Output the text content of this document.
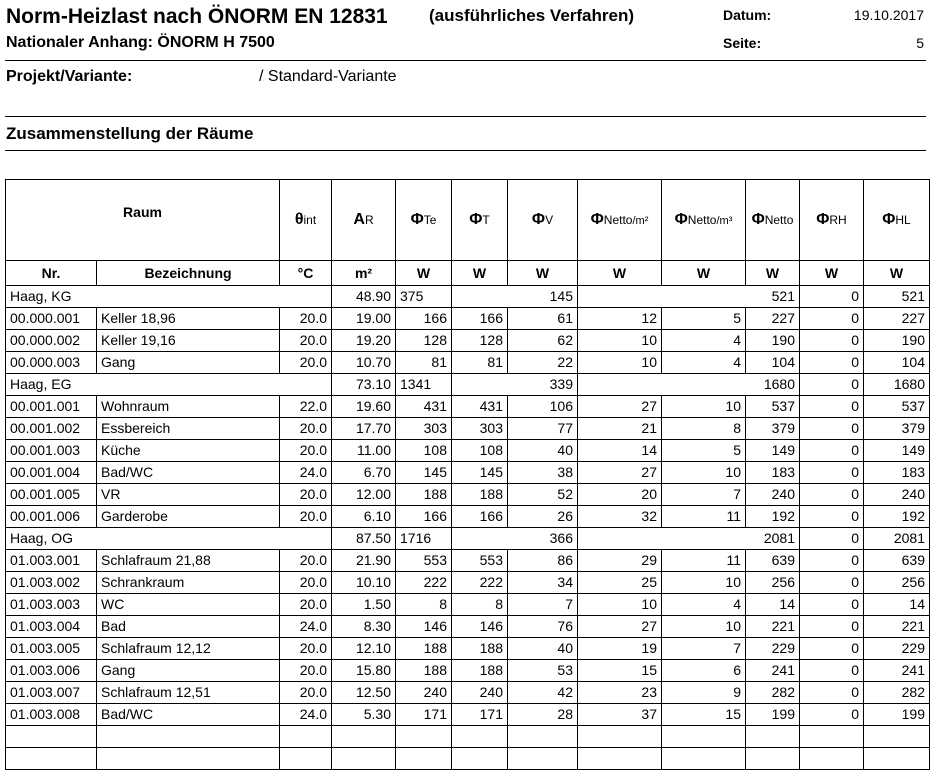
Norm-Heizlast nach ÖNORM EN 12831 (ausführliches Verfahren)
Nationaler Anhang: ÖNORM H 7500
Datum:	19.10.2017
Seite:	5
Projekt/Variante:	/ Standard-Variante
Zusammenstellung der Räume
Raum		θint	AR	ΦTe	ΦT	ΦV	ΦNetto/m²	ΦNetto/m³	ΦNetto	ΦRH	ΦHL
Nr.	Bezeichnung	°C	m²	W	W	W	W	W	W	W	W
Haag, KG			48.90	375	145		521			0	521
00.000.001	Keller 18,96	20.0	19.00	166	166	61	12	5	227	0	227
00.000.002	Keller 19,16	20.0	19.20	128	128	62	10	4	190	0	190
00.000.003	Gang	20.0	10.70	81	81	22	10	4	104	0	104
Haag, EG			73.10	1341	339		1680			0	1680
00.001.001	Wohnraum	22.0	19.60	431	431	106	27	10	537	0	537
00.001.002	Essbereich	20.0	17.70	303	303	77	21	8	379	0	379
00.001.003	Küche	20.0	11.00	108	108	40	14	5	149	0	149
00.001.004	Bad/WC	24.0	6.70	145	145	38	27	10	183	0	183
00.001.005	VR	20.0	12.00	188	188	52	20	7	240	0	240
00.001.006	Garderobe	20.0	6.10	166	166	26	32	11	192	0	192
Haag, OG			87.50	1716	366		2081			0	2081
01.003.001	Schlafraum 21,88	20.0	21.90	553	553	86	29	11	639	0	639
01.003.002	Schrankraum	20.0	10.10	222	222	34	25	10	256	0	256
01.003.003	WC	20.0	1.50	8	8	7	10	4	14	0	14
01.003.004	Bad	24.0	8.30	146	146	76	27	10	221	0	221
01.003.005	Schlafraum 12,12	20.0	12.10	188	188	40	19	7	229	0	229
01.003.006	Gang	20.0	15.80	188	188	53	15	6	241	0	241
01.003.007	Schlafraum 12,51	20.0	12.50	240	240	42	23	9	282	0	282
01.003.008	Bad/WC	24.0	5.30	171	171	28	37	15	199	0	199
